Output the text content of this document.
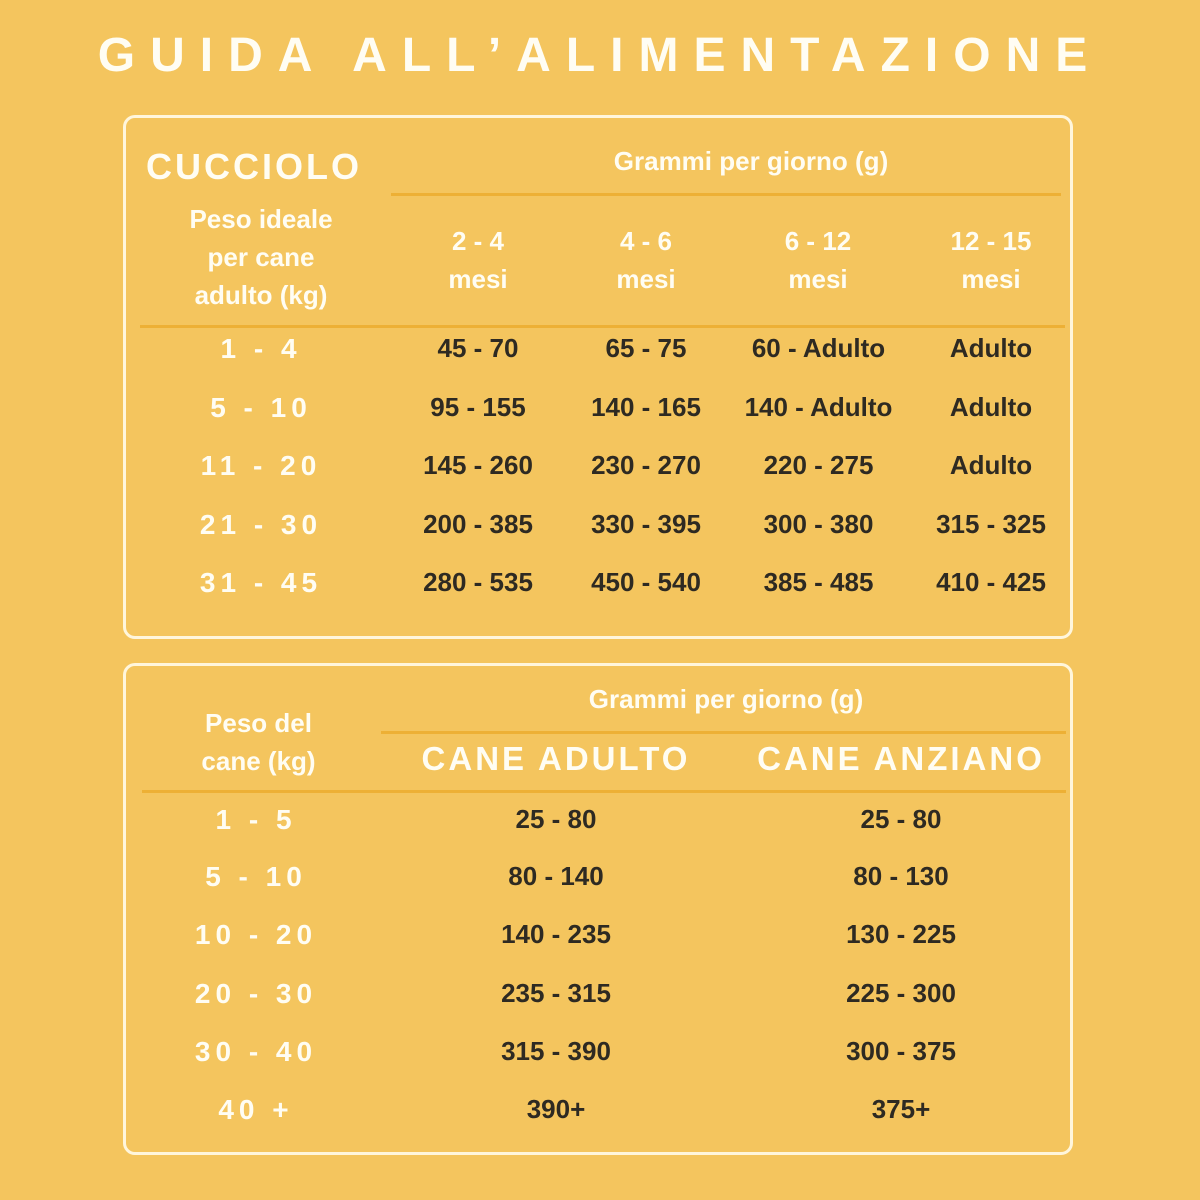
GUIDA ALL’ALIMENTAZIONE
CUCCIOLO	Grammi per giorno (g)
Peso ideale
per cane
adulto (kg)
2 - 4
mesi
4 - 6
mesi
6 - 12
mesi
12 - 15
mesi
1 - 4	45 - 70	65 - 75	60 - Adulto	Adulto
5 - 10	95 - 155	140 - 165	140 - Adulto	Adulto
11 - 20	145 - 260	230 - 270	220 - 275	Adulto
21 - 30	200 - 385	330 - 395	300 - 380	315 - 325
31 - 45	280 - 535	450 - 540	385 - 485	410 - 425
Peso del
cane (kg)
Grammi per giorno (g)
CANE ADULTO	CANE ANZIANO
1 - 5	25 - 80	25 - 80
5 - 10	80 - 140	80 - 130
10 - 20	140 - 235	130 - 225
20 - 30	235 - 315	225 - 300
30 - 40	315 - 390	300 - 375
40 +	390+	375+
